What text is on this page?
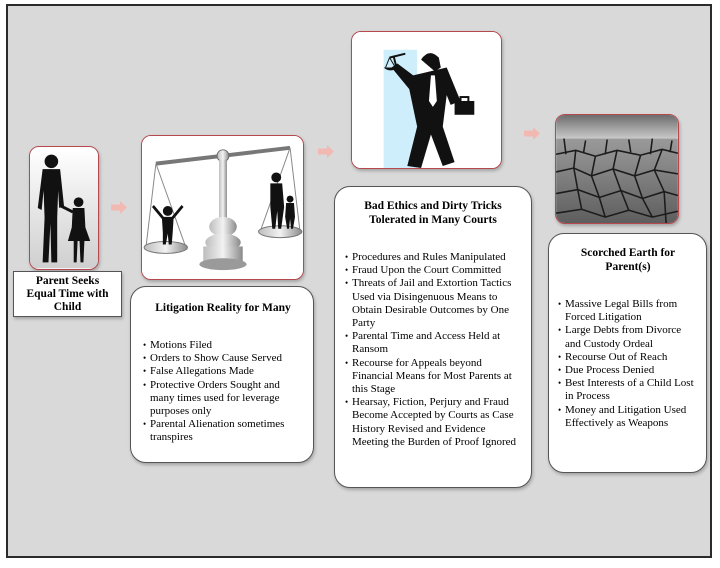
Parent Seeks Equal Time with Child	Litigation Reality for Many
• Motions Filed
• Orders to Show Cause Served
• False Allegations Made
• Protective Orders Sought and many times used for leverage purposes only
• Parental Alienation sometimes transpires
Bad Ethics and Dirty Tricks Tolerated in Many Courts
• Procedures and Rules Manipulated
• Fraud Upon the Court Committed
• Threats of Jail and Extortion Tactics Used via Disingenuous Means to Obtain Desirable Outcomes by One Party
• Parental Time and Access Held at Ransom
• Recourse for Appeals beyond Financial Means for Most Parents at this Stage
• Hearsay, Fiction, Perjury and Fraud Become Accepted by Courts as Case History Revised and Evidence Meeting the Burden of Proof Ignored
Scorched Earth for Parent(s)
• Massive Legal Bills from Forced Litigation
• Large Debts from Divorce and Custody Ordeal
• Recourse Out of Reach
• Due Process Denied
• Best Interests of a Child Lost in Process
• Money and Litigation Used Effectively as Weapons
